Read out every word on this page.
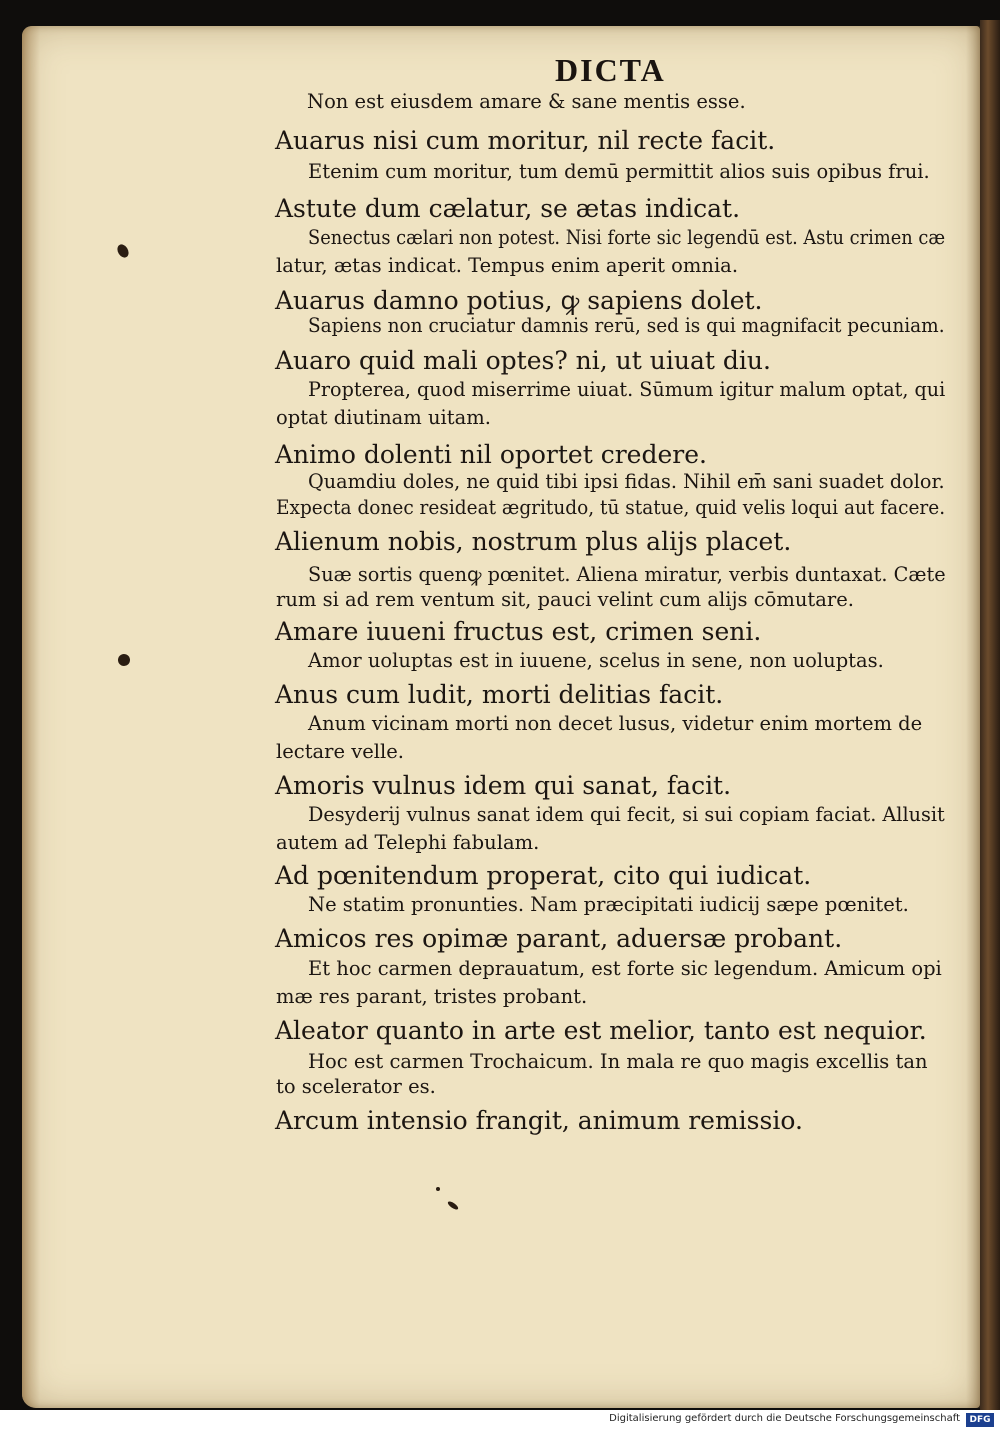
DICTA
Non est eiusdem amare & sane mentis esse.
Auarus nisi cum moritur, nil recte facit.
Etenim cum moritur, tum demū permittit alios suis opibus frui.
Astute dum cælatur, se ætas indicat.
Senectus cælari non potest. Nisi forte sic legendū est. Astu crimen cæ
latur, ætas indicat. Tempus enim aperit omnia.
Auarus damno potius, ꝙ sapiens dolet.
Sapiens non cruciatur damnis rerū, sed is qui magnifacit pecuniam.
Auaro quid mali optes? ni, ut uiuat diu.
Propterea, quod miserrime uiuat. Sūmum igitur malum optat, qui
optat diutinam uitam.
Animo dolenti nil oportet credere.
Quamdiu doles, ne quid tibi ipsi fidas. Nihil em̄ sani suadet dolor.
Expecta donec resideat ægritudo, tū statue, quid velis loqui aut facere.
Alienum nobis, nostrum plus alijs placet.
Suæ sortis quenꝙ pœnitet. Aliena miratur, verbis duntaxat. Cæte
rum si ad rem ventum sit, pauci velint cum alijs cōmutare.
Amare iuueni fructus est, crimen seni.
Amor uoluptas est in iuuene, scelus in sene, non uoluptas.
Anus cum ludit, morti delitias facit.
Anum vicinam morti non decet lusus, videtur enim mortem de
lectare velle.
Amoris vulnus idem qui sanat, facit.
Desyderij vulnus sanat idem qui fecit, si sui copiam faciat. Allusit
autem ad Telephi fabulam.
Ad pœnitendum properat, cito qui iudicat.
Ne statim pronunties. Nam præcipitati iudicij sæpe pœnitet.
Amicos res opimæ parant, aduersæ probant.
Et hoc carmen deprauatum, est forte sic legendum. Amicum opi
mæ res parant, tristes probant.
Aleator quanto in arte est melior, tanto est nequior.
Hoc est carmen Trochaicum. In mala re quo magis excellis tan
to scelerator es.
Arcum intensio frangit, animum remissio.
Digitalisierung gefördert durch die Deutsche Forschungsgemeinschaft	DFG
